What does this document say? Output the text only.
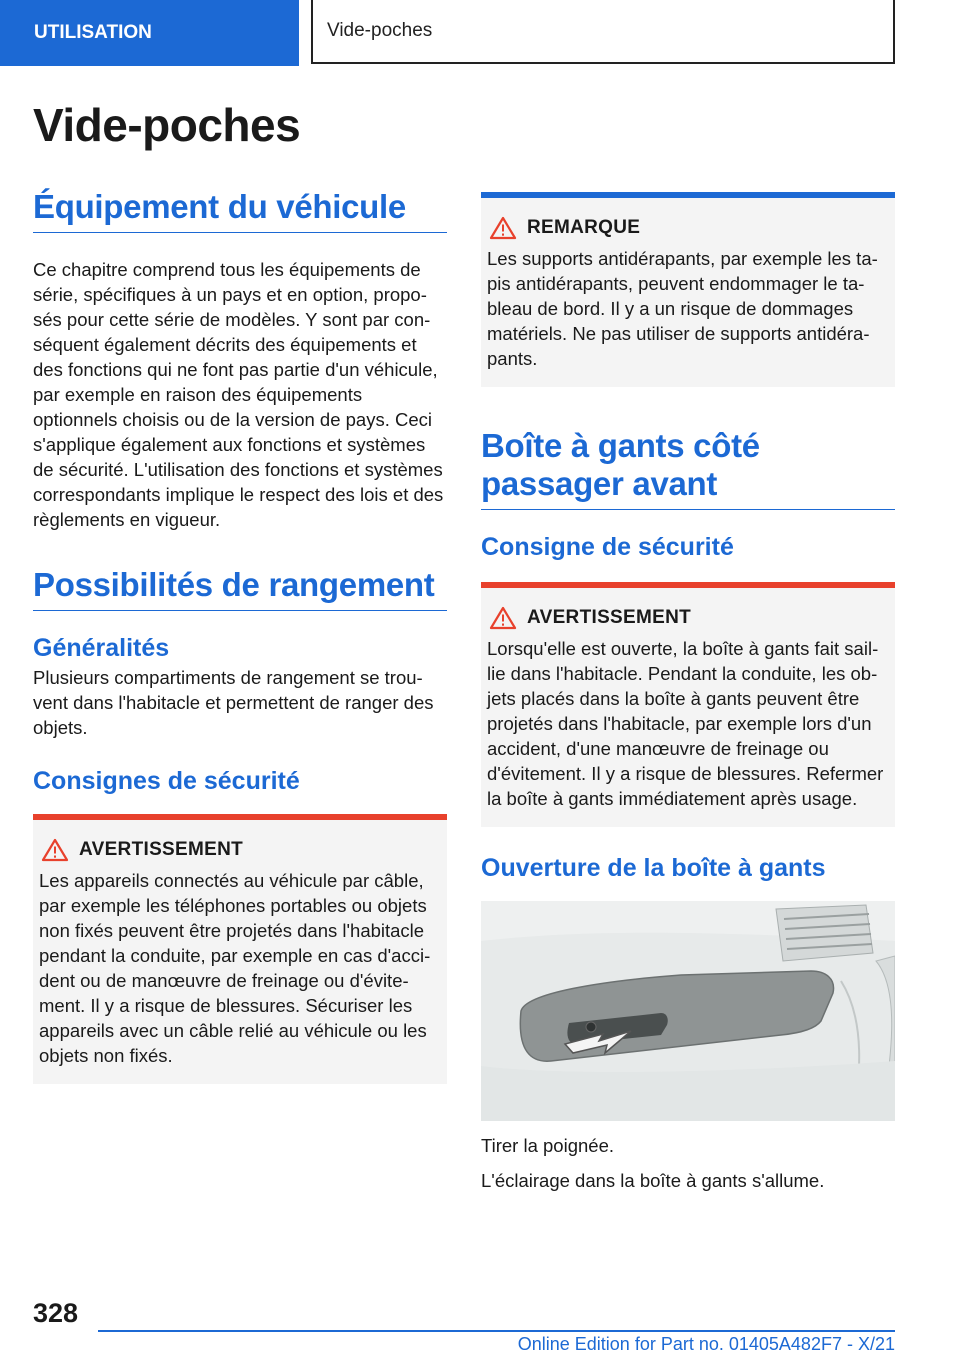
UTILISATION	Vide-poches
Vide-poches
Équipement du véhicule

Ce chapitre comprend tous les équipements de série, spécifiques à un pays et en option, proposés pour cette série de modèles. Y sont par conséquent également décrits des équipements et des fonctions qui ne font pas partie d'un véhicule, par exemple en raison des équipements optionnels choisis ou de la version de pays. Ceci s'applique également aux fonctions et systèmes de sécurité. L'utilisation des fonctions et systèmes correspondants implique le respect des lois et des règlements en vigueur.

Possibilités de rangement
Généralités

Plusieurs compartiments de rangement se trouvent dans l'habitacle et permettent de ranger des objets.

Consignes de sécurité
AVERTISSEMENT

Les appareils connectés au véhicule par câble, par exemple les téléphones portables ou objets non fixés peuvent être projetés dans l'habitacle pendant la conduite, par exemple en cas d'accident ou de manœuvre de freinage ou d'évitement. Il y a risque de blessures. Sécuriser les appareils avec un câble relié au véhicule ou les objets non fixés.

REMARQUE

Les supports antidérapants, par exemple les tapis antidérapants, peuvent endommager le tableau de bord. Il y a un risque de dommages matériels. Ne pas utiliser de supports antidérapants.

Boîte à gants côté passager avant
Consigne de sécurité
AVERTISSEMENT

Lorsqu'elle est ouverte, la boîte à gants fait saillie dans l'habitacle. Pendant la conduite, les objets placés dans la boîte à gants peuvent être projetés dans l'habitacle, par exemple lors d'un accident, d'une manœuvre de freinage ou d'évitement. Il y a risque de blessures. Refermer la boîte à gants immédiatement après usage.

Ouverture de la boîte à gants

Tirer la poignée.

L'éclairage dans la boîte à gants s'allume.

328
Online Edition for Part no. 01405A482F7 - X/21
